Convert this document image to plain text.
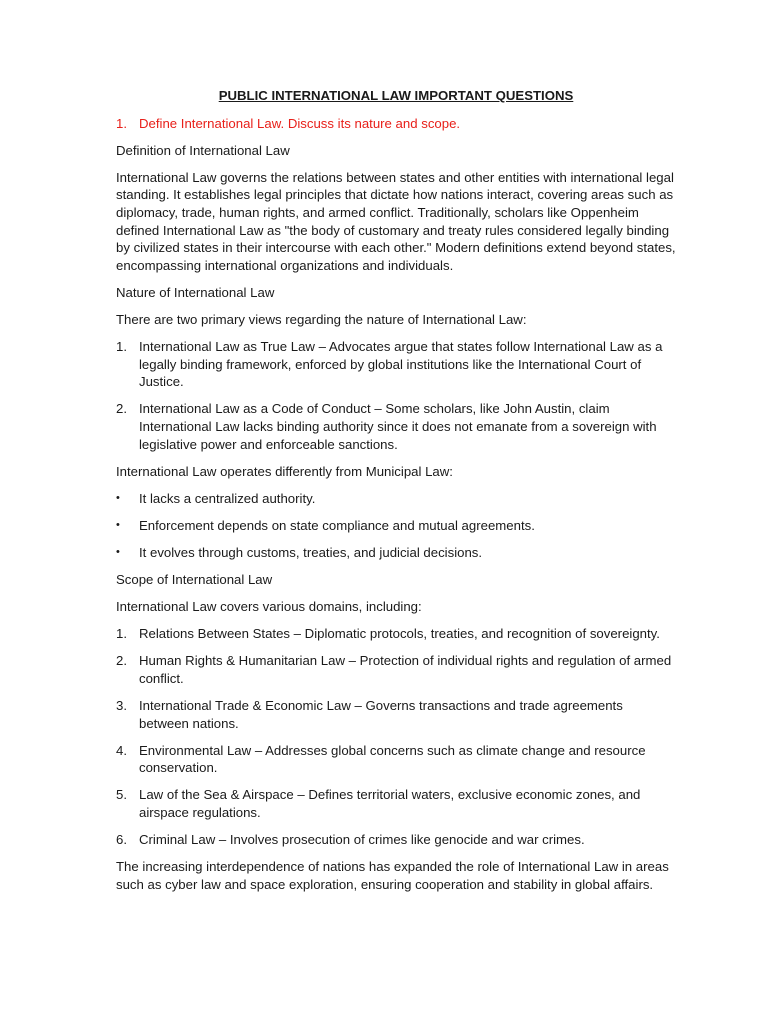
PUBLIC INTERNATIONAL LAW IMPORTANT QUESTIONS
1. Define International Law. Discuss its nature and scope.

Definition of International Law

International Law governs the relations between states and other entities with international legal standing. It establishes legal principles that dictate how nations interact, covering areas such as diplomacy, trade, human rights, and armed conflict. Traditionally, scholars like Oppenheim defined International Law as "the body of customary and treaty rules considered legally binding by civilized states in their intercourse with each other." Modern definitions extend beyond states, encompassing international organizations and individuals.

Nature of International Law

There are two primary views regarding the nature of International Law:

1. International Law as True Law – Advocates argue that states follow International Law as a legally binding framework, enforced by global institutions like the International Court of Justice.
2. International Law as a Code of Conduct – Some scholars, like John Austin, claim International Law lacks binding authority since it does not emanate from a sovereign with legislative power and enforceable sanctions.

International Law operates differently from Municipal Law:

•	It lacks a centralized authority.
•	Enforcement depends on state compliance and mutual agreements.
•	It evolves through customs, treaties, and judicial decisions.

Scope of International Law

International Law covers various domains, including:

1. Relations Between States – Diplomatic protocols, treaties, and recognition of sovereignty.
2. Human Rights & Humanitarian Law – Protection of individual rights and regulation of armed conflict.
3. International Trade & Economic Law – Governs transactions and trade agreements between nations.
4. Environmental Law – Addresses global concerns such as climate change and resource conservation.
5. Law of the Sea & Airspace – Defines territorial waters, exclusive economic zones, and airspace regulations.
6. Criminal Law – Involves prosecution of crimes like genocide and war crimes.

The increasing interdependence of nations has expanded the role of International Law in areas such as cyber law and space exploration, ensuring cooperation and stability in global affairs.
